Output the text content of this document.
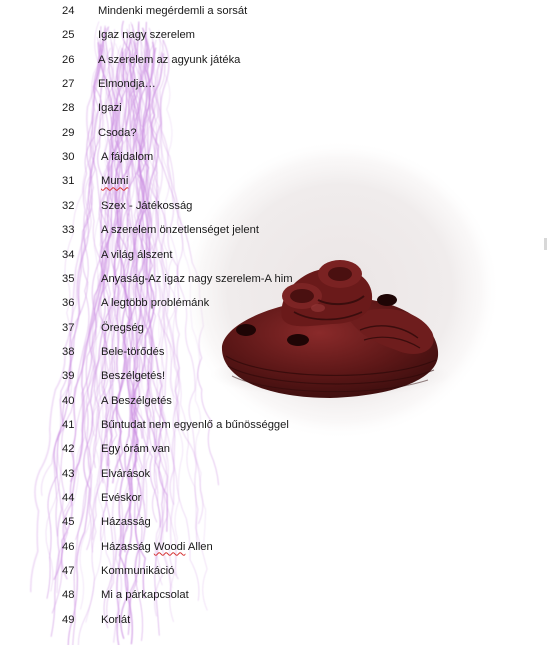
24	Mindenki megérdemli a sorsát
25	Igaz nagy szerelem
26	A szerelem az agyunk játéka
27	Elmondja…
28	Igazi
29	Csoda?
30	A fájdalom
31	Mumi
32	Szex - Játékosság
33	A szerelem önzetlenséget jelent
34	A világ álszent
35	Anyaság-Az igaz nagy szerelem-A him
36	A legtöbb problémánk
37	Öregség
38	Bele-törődés
39	Beszélgetés!
40	A Beszélgetés
41	Bűntudat nem egyenlő a bűnösséggel
42	Egy órám van
43	Elvárások
44	Evéskor
45	Házasság
46	Házasság Woodi Allen
47	Kommunikáció
48	Mi a párkapcsolat
49	Korlát
